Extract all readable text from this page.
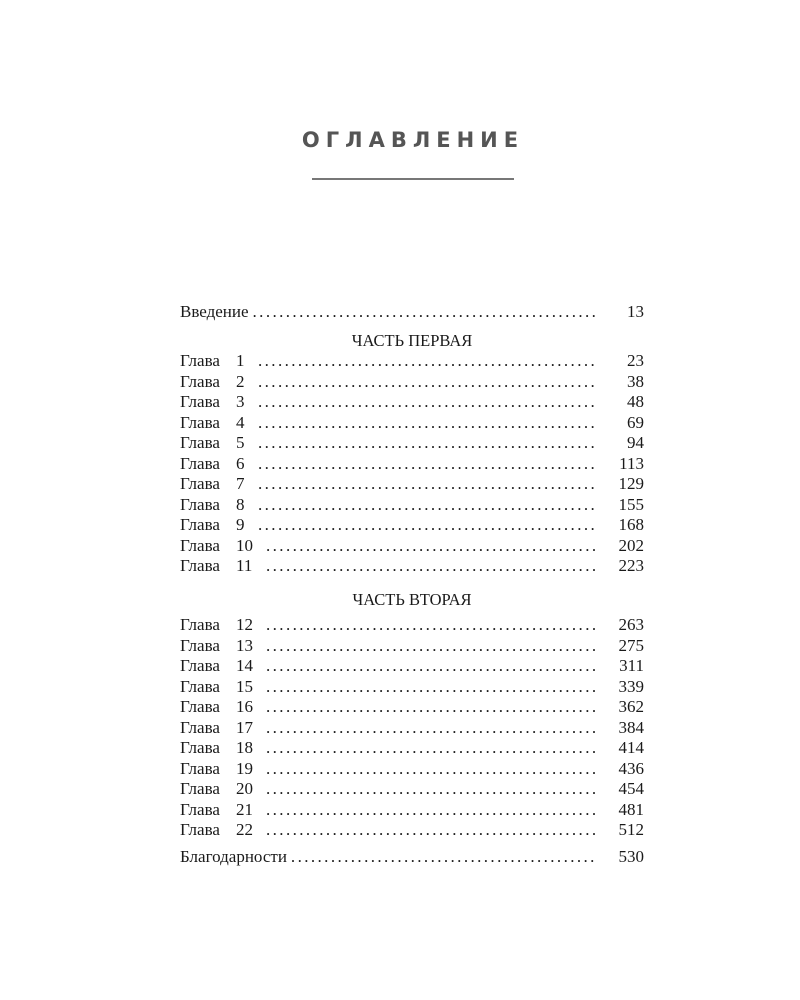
ОГЛАВЛЕНИЕ
Введение .....	13
ЧАСТЬ ПЕРВАЯ
Глава 1 .....	23
Глава 2 .....	38
Глава 3 .....	48
Глава 4 .....	69
Глава 5 .....	94
Глава 6 .....	113
Глава 7 .....	129
Глава 8 .....	155
Глава 9 .....	168
Глава 10 .....	202
Глава 11 .....	223
ЧАСТЬ ВТОРАЯ
Глава 12 .....	263
Глава 13 .....	275
Глава 14 .....	311
Глава 15 .....	339
Глава 16 .....	362
Глава 17 .....	384
Глава 18 .....	414
Глава 19 .....	436
Глава 20 .....	454
Глава 21 .....	481
Глава 22 .....	512
Благодарности .....	530
